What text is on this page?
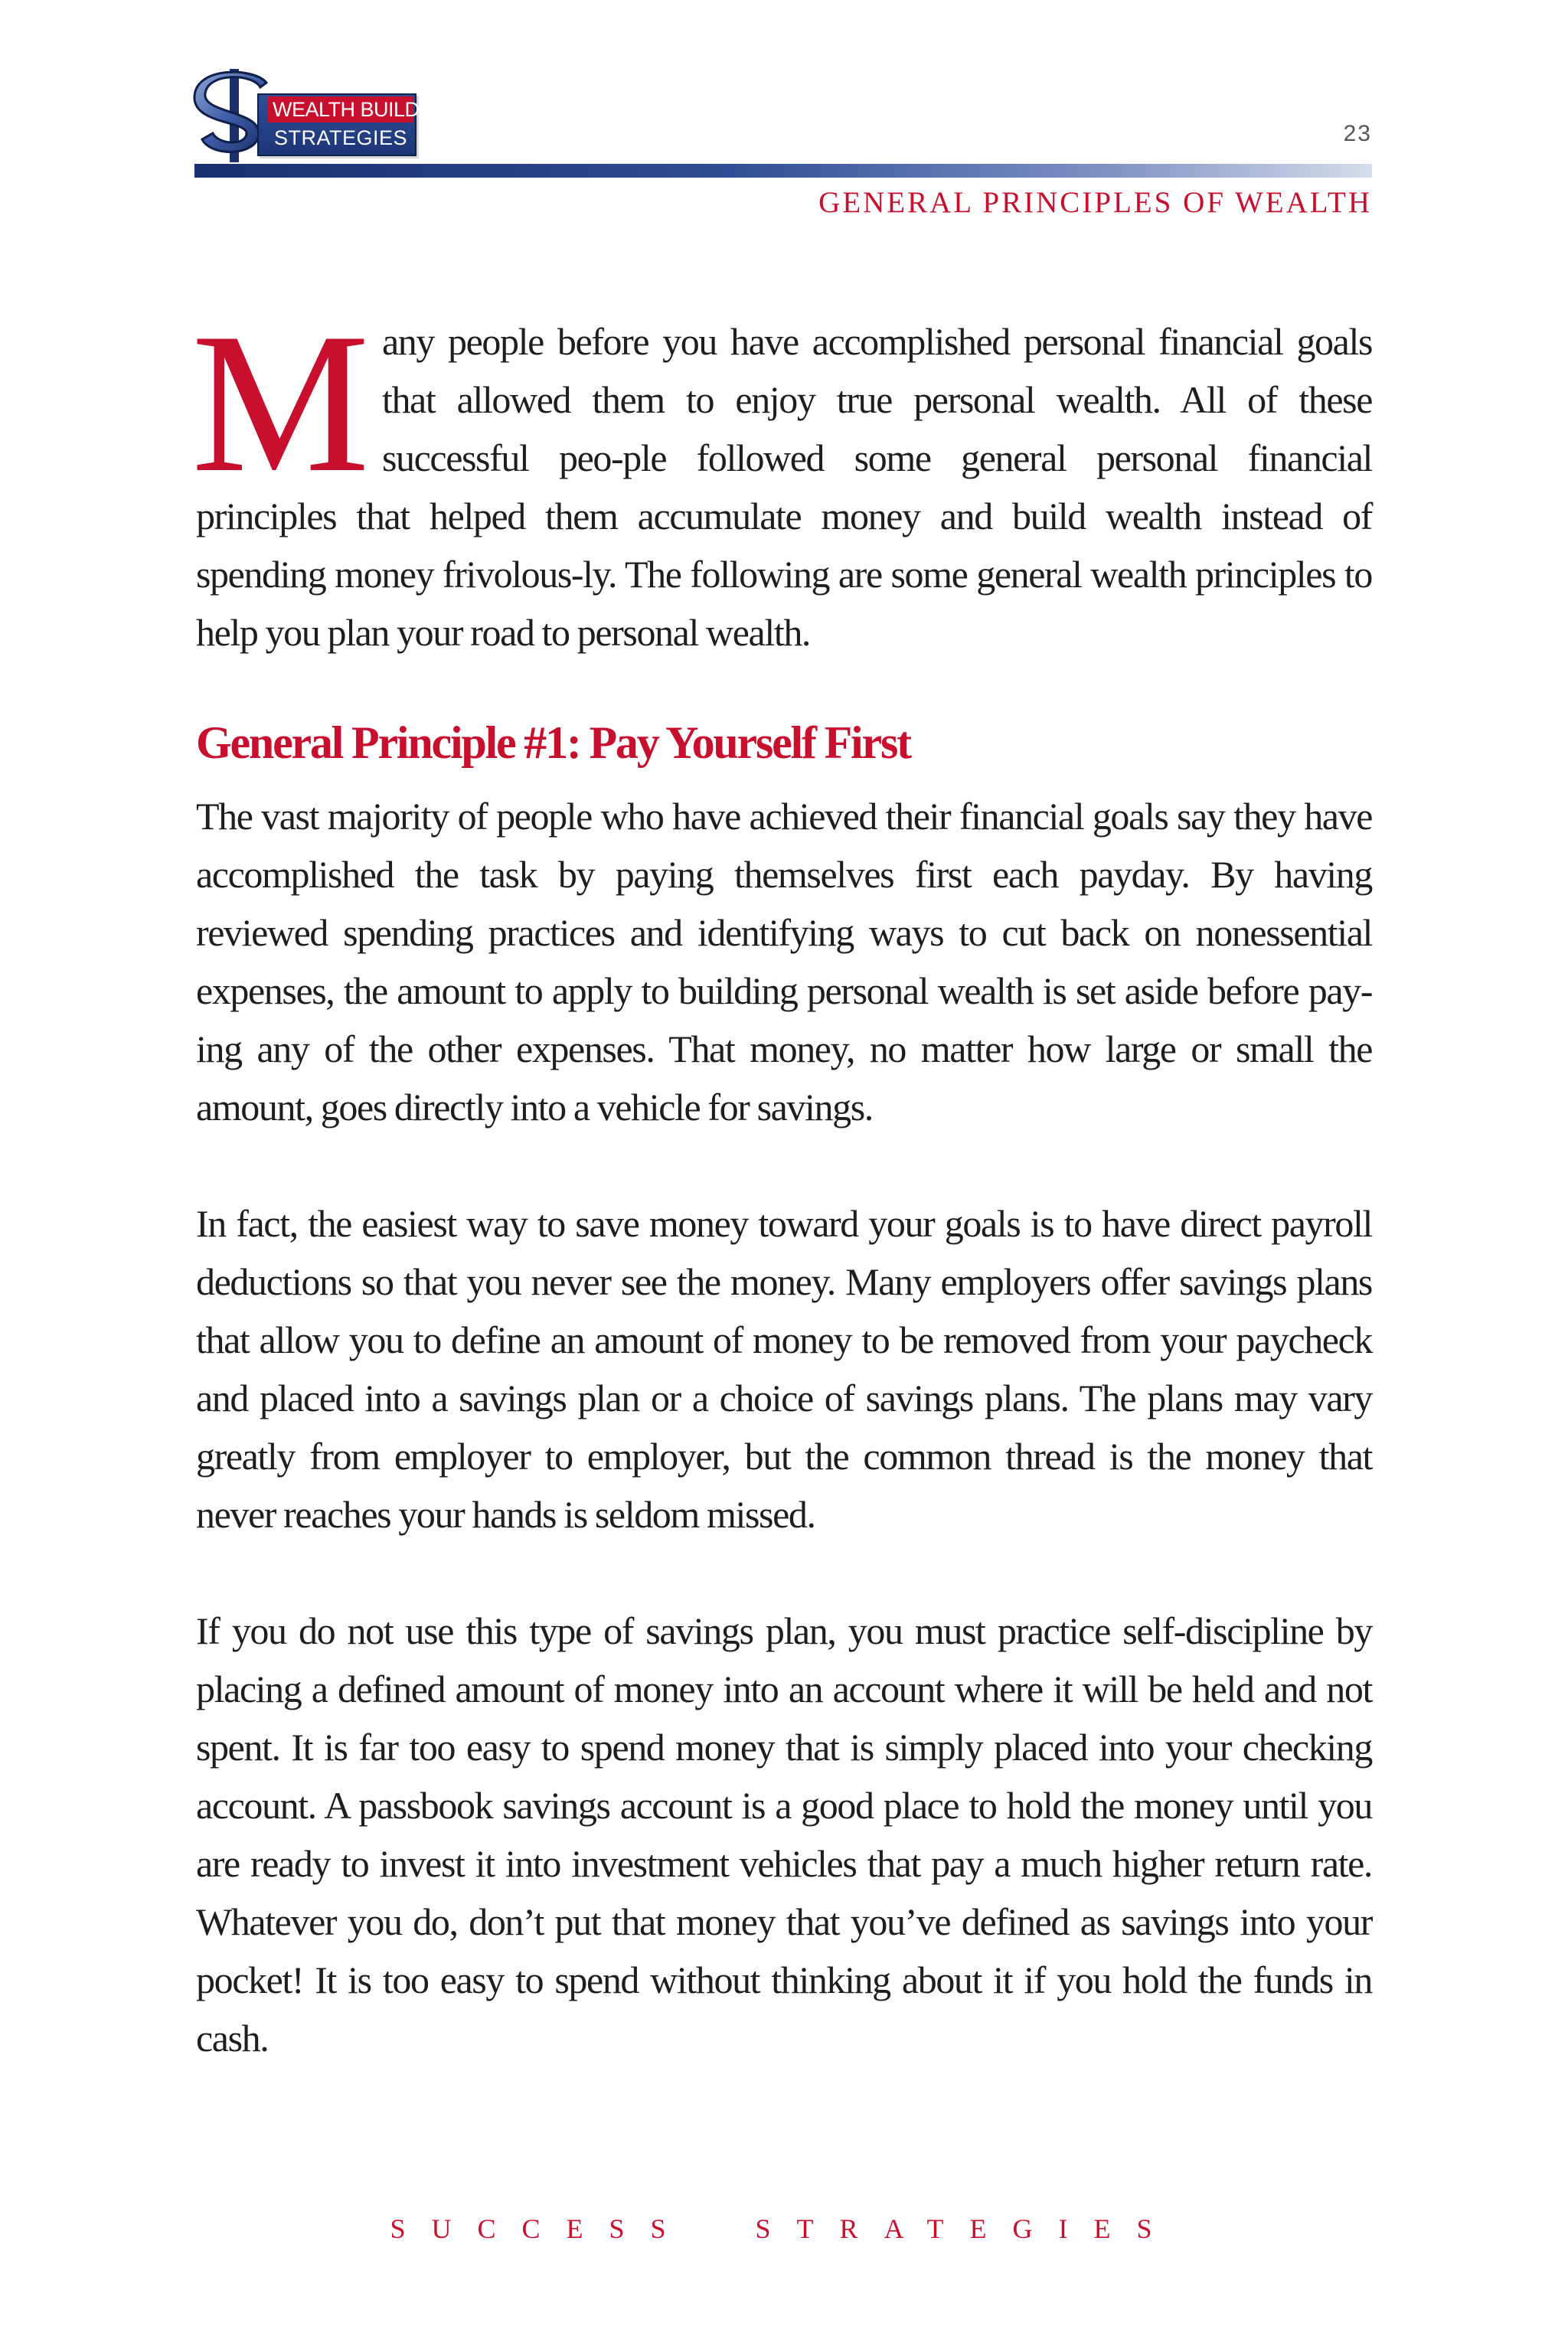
WEALTH BUILDING
STRATEGIES	23
GENERAL PRINCIPLES OF WEALTH

Many people before you have accomplished personal financial goals that allowed them to enjoy true personal wealth. All of these successful peo-ple followed some general personal financial principles that helped them accumulate money and build wealth instead of spending money frivolous-ly. The following are some general wealth principles to help you plan your road to personal wealth.

General Principle #1: Pay Yourself First

The vast majority of people who have achieved their financial goals say they have accomplished the task by paying themselves first each payday. By having reviewed spending practices and identifying ways to cut back on nonessential expenses, the amount to apply to building personal wealth is set aside before pay-ing any of the other expenses. That money, no matter how large or small the amount, goes directly into a vehicle for savings.

In fact, the easiest way to save money toward your goals is to have direct payroll deductions so that you never see the money. Many employers offer savings plans that allow you to define an amount of money to be removed from your paycheck and placed into a savings plan or a choice of savings plans. The plans may vary greatly from employer to employer, but the common thread is the money that never reaches your hands is seldom missed.

If you do not use this type of savings plan, you must practice self-discipline by placing a defined amount of money into an account where it will be held and not spent. It is far too easy to spend money that is simply placed into your checking account. A passbook savings account is a good place to hold the money until you are ready to invest it into investment vehicles that pay a much higher return rate. Whatever you do, don’t put that money that you’ve defined as savings into your pocket! It is too easy to spend without thinking about it if you hold the funds in cash.

SUCCESS STRATEGIES
